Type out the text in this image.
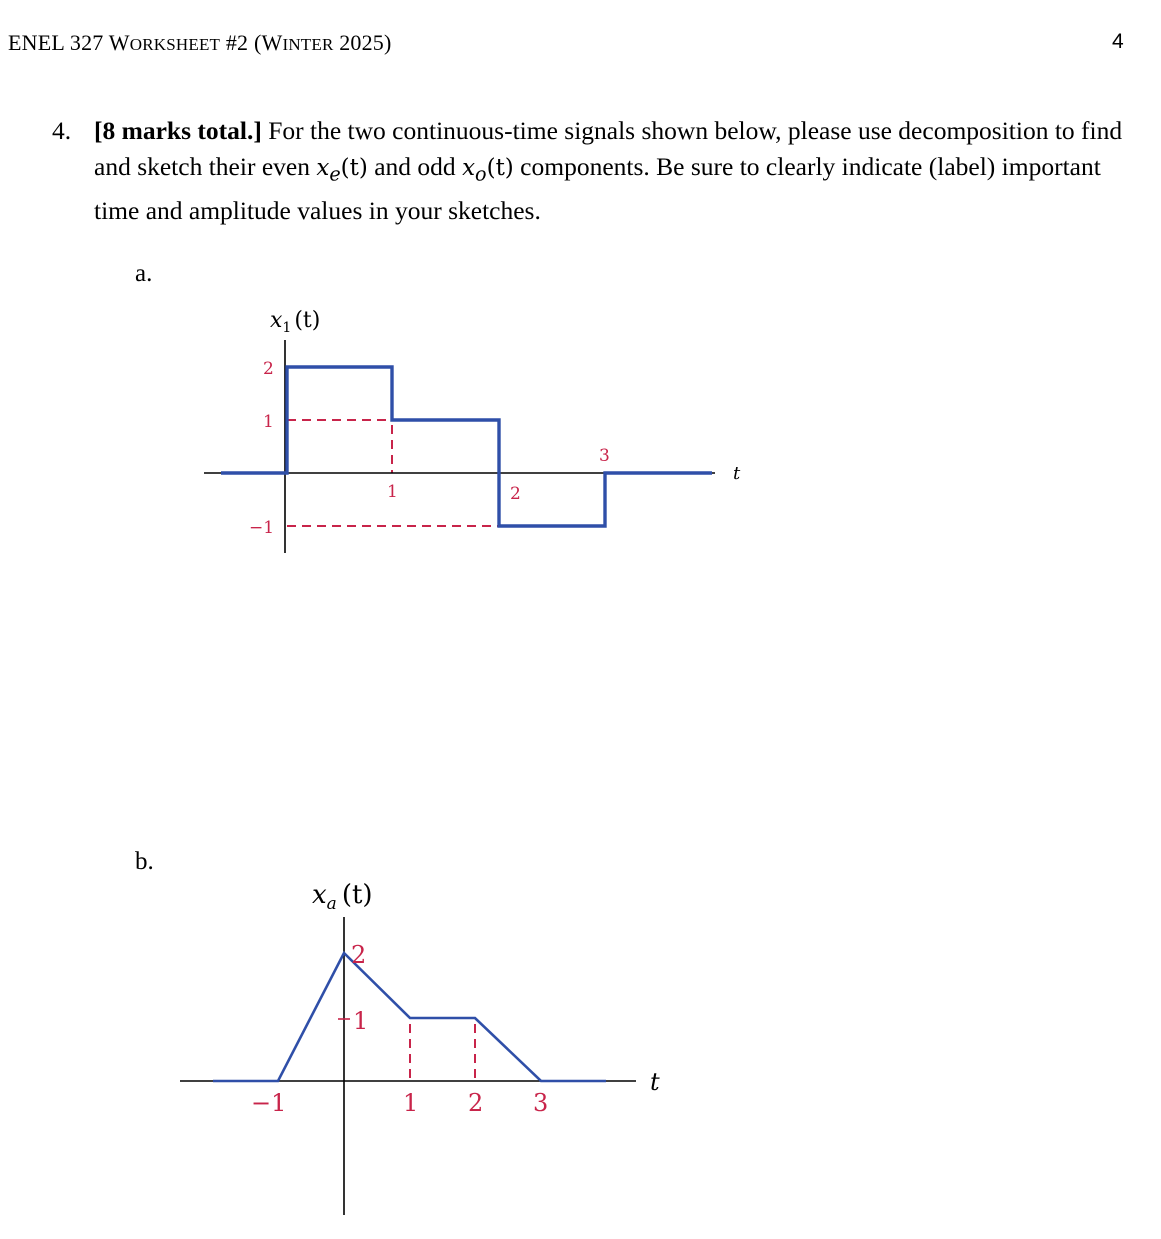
ENEL 327 WORKSHEET #2 (WINTER 2025)	4
4. [8 marks total.] For the two continuous-time signals shown below, please use decomposition to find and sketch their even $x_e(t)$ and odd $x_o(t)$ components. Be sure to clearly indicate (label) important time and amplitude values in your sketches.
a.
b.
$x_1$ (t)
2
1
−1
1	2
3
t
$x_a$ (t)
2
1
−1	1 2 3
t
